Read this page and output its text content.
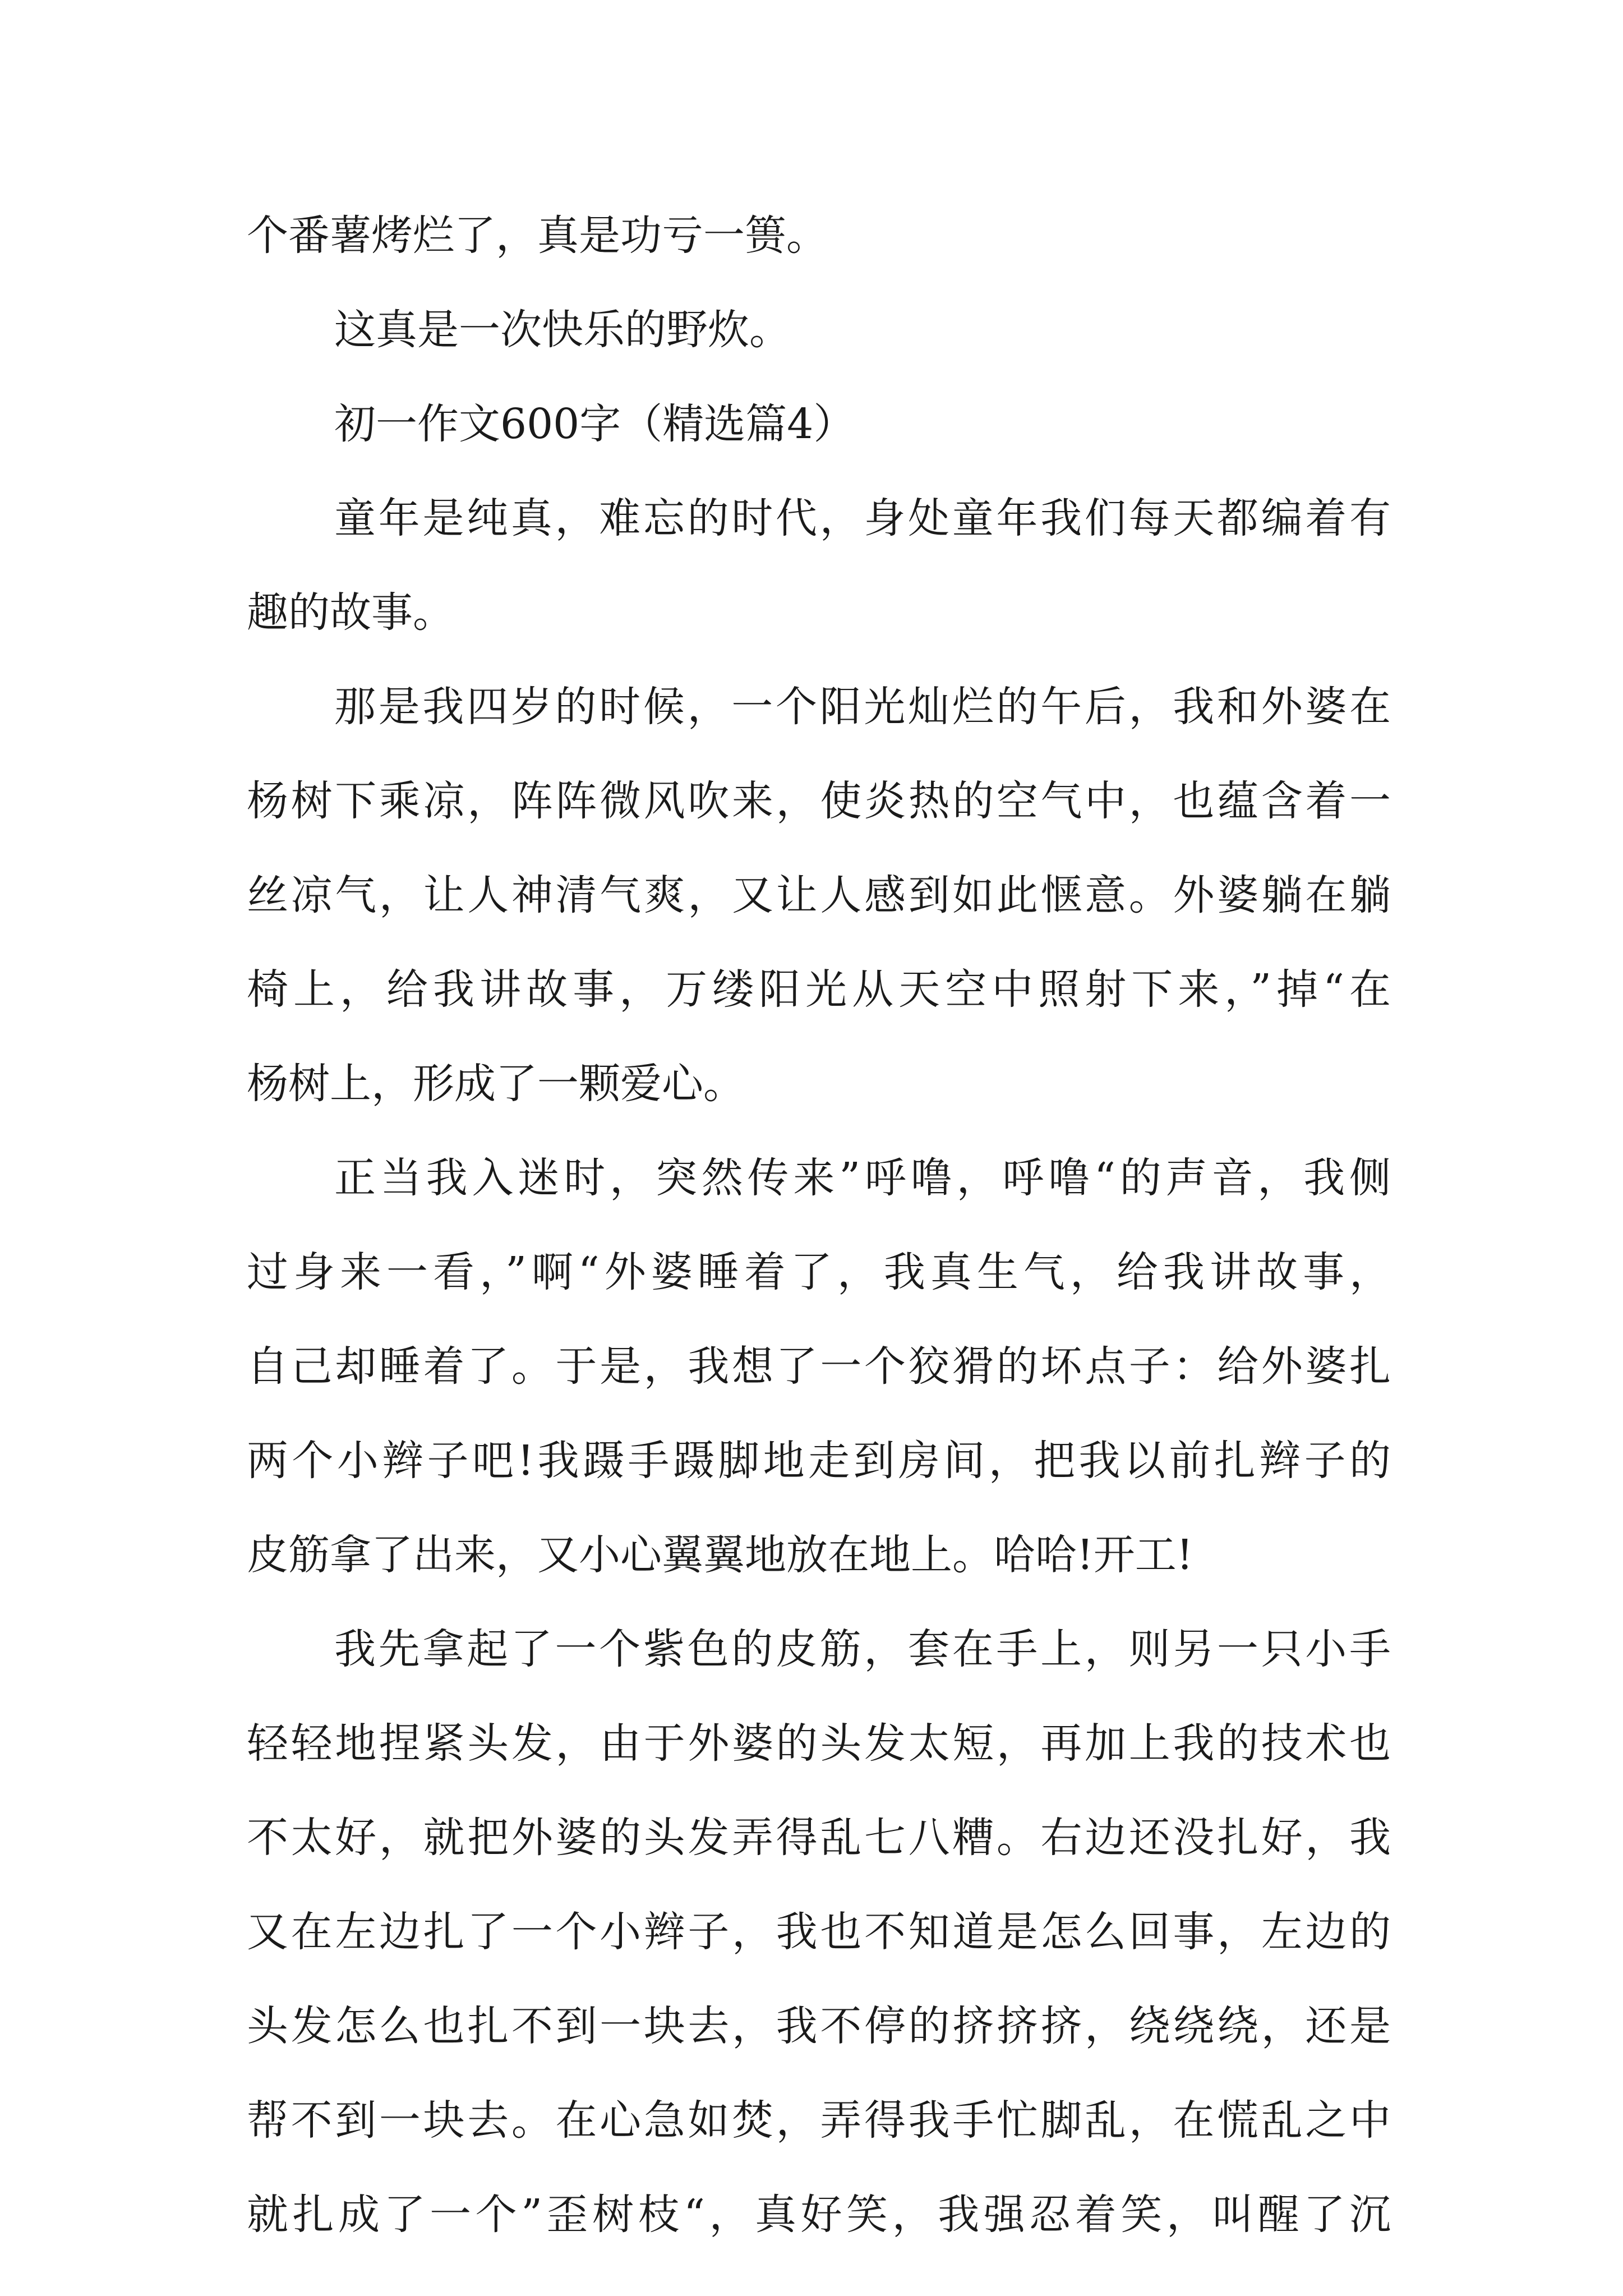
个番薯烤烂了，真是功亏一篑。
这真是一次快乐的野炊。
初一作文600字（精选篇4）
童年是纯真，难忘的时代，身处童年我们每天都编着有
趣的故事。
那是我四岁的时候，一个阳光灿烂的午后，我和外婆在
杨树下乘凉，阵阵微风吹来，使炎热的空气中，也蕴含着一
丝凉气，让人神清气爽，又让人感到如此惬意。外婆躺在躺
椅上，给我讲故事，万缕阳光从天空中照射下来，”掉“在
杨树上，形成了一颗爱心。
正当我入迷时，突然传来”呼噜，呼噜“的声音，我侧
过身来一看，”啊“外婆睡着了，我真生气，给我讲故事，
自己却睡着了。于是，我想了一个狡猾的坏点子：给外婆扎
两个小辫子吧!我蹑手蹑脚地走到房间，把我以前扎辫子的
皮筋拿了出来，又小心翼翼地放在地上。哈哈!开工!
我先拿起了一个紫色的皮筋，套在手上，则另一只小手
轻轻地捏紧头发，由于外婆的头发太短，再加上我的技术也
不太好，就把外婆的头发弄得乱七八糟。右边还没扎好，我
又在左边扎了一个小辫子，我也不知道是怎么回事，左边的
头发怎么也扎不到一块去，我不停的挤挤挤，绕绕绕，还是
帮不到一块去。在心急如焚，弄得我手忙脚乱，在慌乱之中
就扎成了一个”歪树枝“，真好笑，我强忍着笑，叫醒了沉
